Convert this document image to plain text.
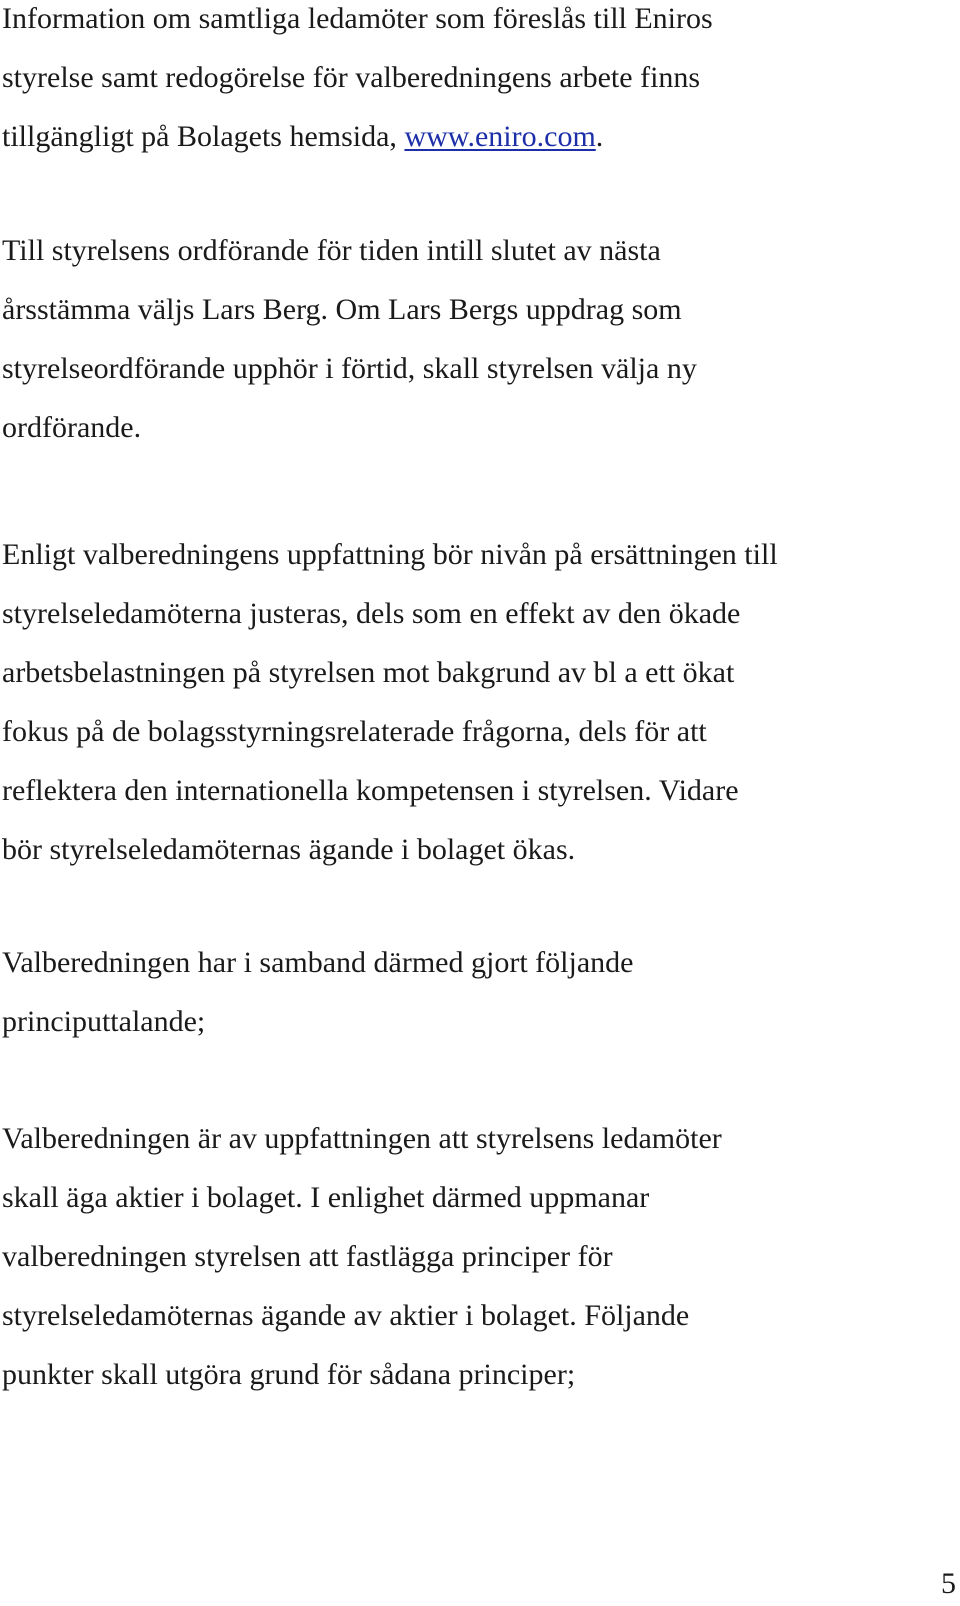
Information om samtliga ledamöter som föreslås till Eniros
styrelse samt redogörelse för valberedningens arbete finns
tillgängligt på Bolagets hemsida, www.eniro.com.

Till styrelsens ordförande för tiden intill slutet av nästa
årsstämma väljs Lars Berg. Om Lars Bergs uppdrag som
styrelseordförande upphör i förtid, skall styrelsen välja ny
ordförande.

Enligt valberedningens uppfattning bör nivån på ersättningen till
styrelseledamöterna justeras, dels som en effekt av den ökade
arbetsbelastningen på styrelsen mot bakgrund av bl a ett ökat
fokus på de bolagsstyrningsrelaterade frågorna, dels för att
reflektera den internationella kompetensen i styrelsen. Vidare
bör styrelseledamöternas ägande i bolaget ökas.

Valberedningen har i samband därmed gjort följande
principuttalande;

Valberedningen är av uppfattningen att styrelsens ledamöter
skall äga aktier i bolaget. I enlighet därmed uppmanar
valberedningen styrelsen att fastlägga principer för
styrelseledamöternas ägande av aktier i bolaget. Följande
punkter skall utgöra grund för sådana principer;

5
